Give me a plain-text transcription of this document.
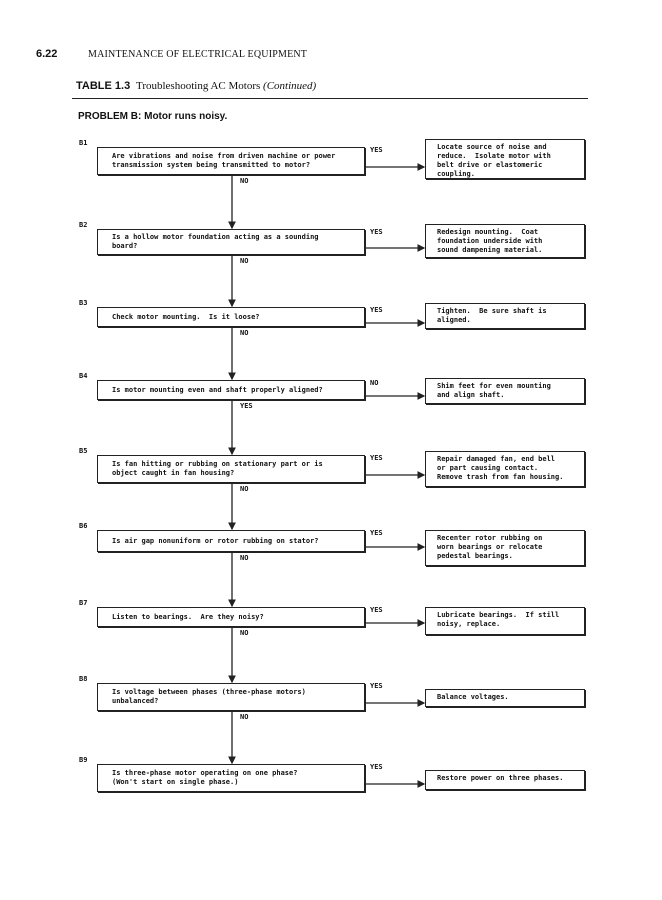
6.22	MAINTENANCE OF ELECTRICAL EQUIPMENT
TABLE 1.3 Troubleshooting AC Motors (Continued)
PROBLEM B: Motor runs noisy.
B1
Are vibrations and noise from driven machine or power
transmission system being transmitted to motor?
Locate source of noise and
reduce.  Isolate motor with
belt drive or elastomeric
coupling.
YES
NO
B2
Is a hollow motor foundation acting as a sounding
board?
Redesign mounting.  Coat
foundation underside with
sound dampening material.
YES
NO
B3
Check motor mounting.  Is it loose?
Tighten.  Be sure shaft is
aligned.
YES
NO
B4
Is motor mounting even and shaft properly aligned?	Shim feet for even mounting
and align shaft.
NO
YES
B5
Is fan hitting or rubbing on stationary part or is
object caught in fan housing?
Repair damaged fan, end bell
or part causing contact.
Remove trash from fan housing.
YES
NO
B6
Is air gap nonuniform or rotor rubbing on stator?	Recenter rotor rubbing on
worn bearings or relocate
pedestal bearings.
YES
NO
B7
Listen to bearings.  Are they noisy?	Lubricate bearings.  If still
noisy, replace.
YES
NO
B8
Is voltage between phases (three-phase motors)
unbalanced?	Balance voltages.
YES
NO
B9
Is three-phase motor operating on one phase?
(Won't start on single phase.)	Restore power on three phases.
YES
